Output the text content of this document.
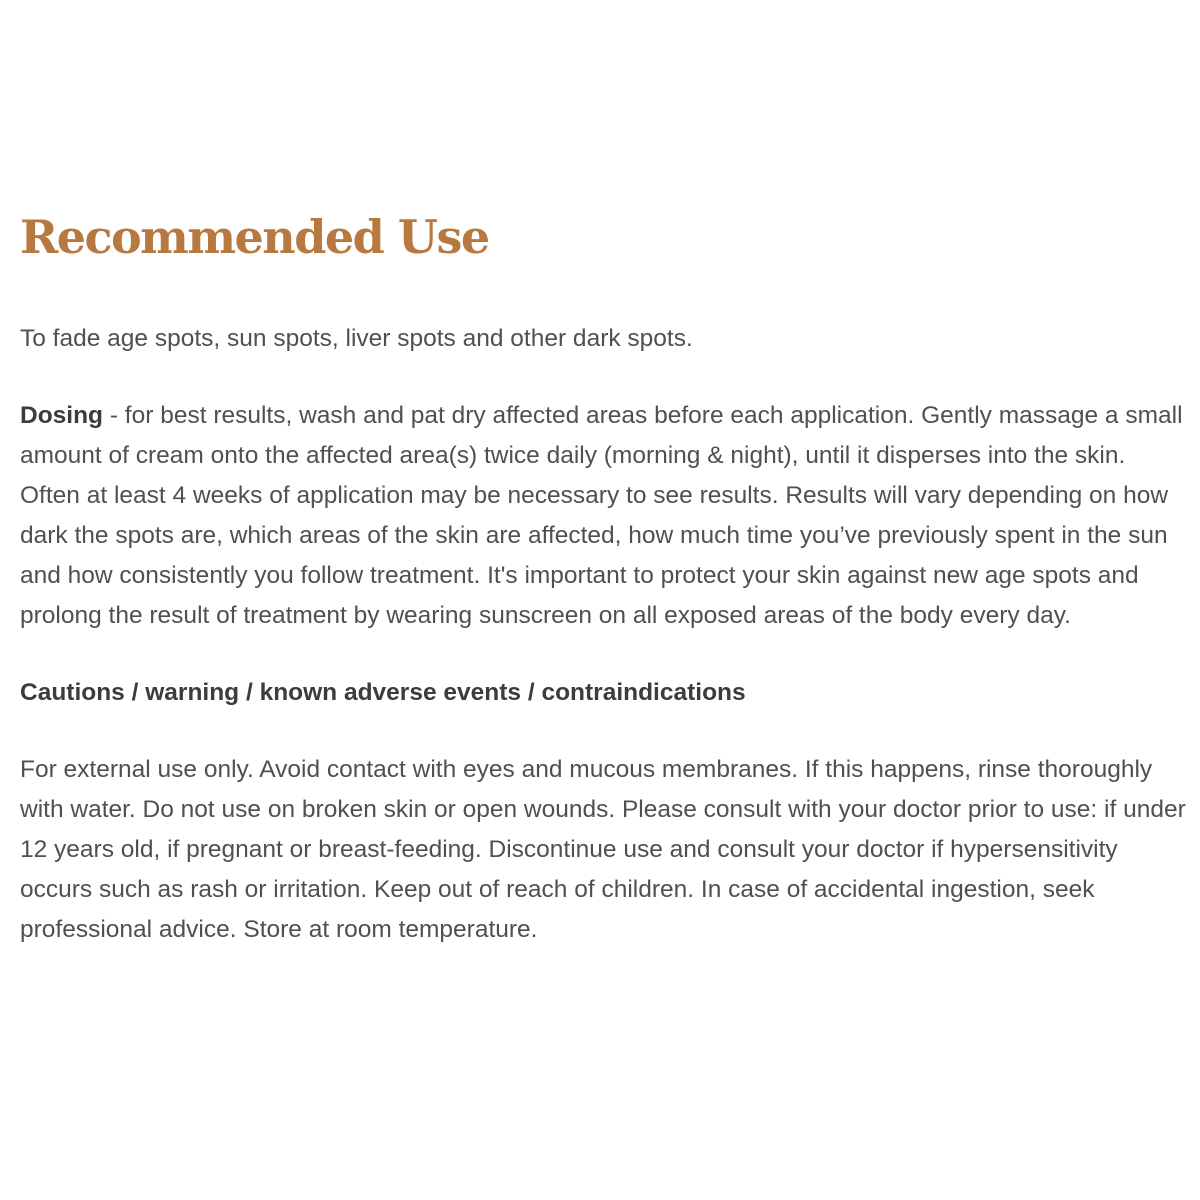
Recommended Use

To fade age spots, sun spots, liver spots and other dark spots.

Dosing - for best results, wash and pat dry affected areas before each application. Gently massage a small amount of cream onto the affected area(s) twice daily (morning & night), until it disperses into the skin. Often at least 4 weeks of application may be necessary to see results. Results will vary depending on how dark the spots are, which areas of the skin are affected, how much time you’ve previously spent in the sun and how consistently you follow treatment. It's important to protect your skin against new age spots and prolong the result of treatment by wearing sunscreen on all exposed areas of the body every day.

Cautions / warning / known adverse events / contraindications

For external use only. Avoid contact with eyes and mucous membranes. If this happens, rinse thoroughly with water. Do not use on broken skin or open wounds. Please consult with your doctor prior to use: if under 12 years old, if pregnant or breast-feeding. Discontinue use and consult your doctor if hypersensitivity occurs such as rash or irritation. Keep out of reach of children. In case of accidental ingestion, seek professional advice. Store at room temperature.
